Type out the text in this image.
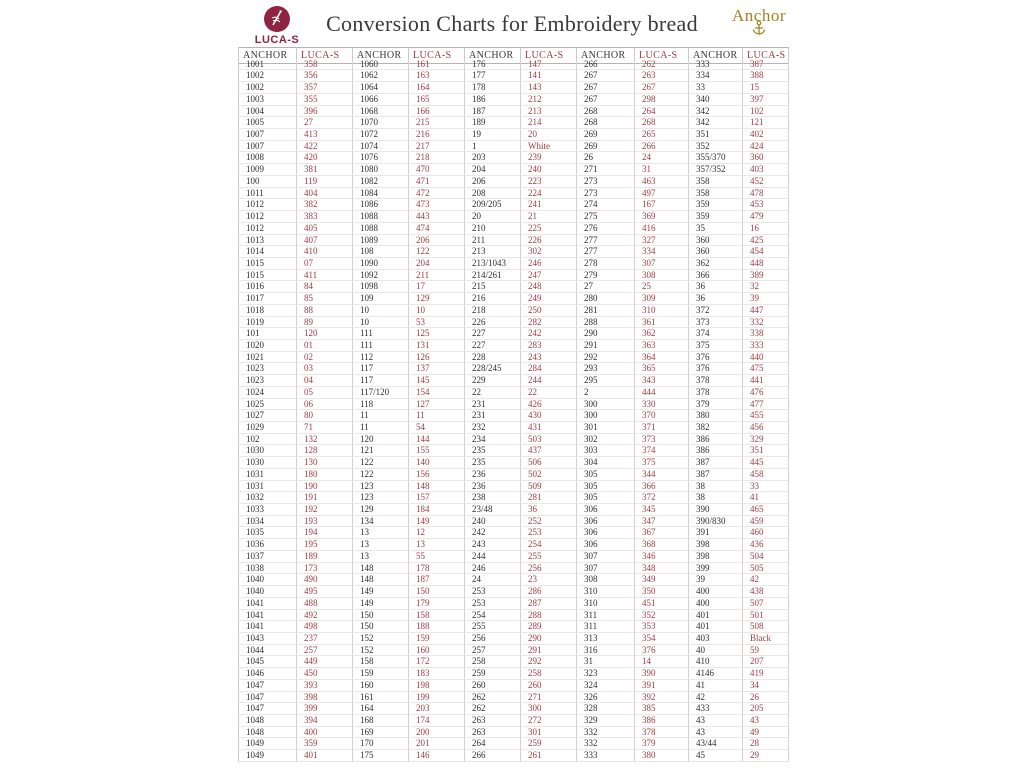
LUCA-S
Conversion Charts for Embroidery bread	Anchor
ANCHOR	LUCA-S	ANCHOR	LUCA-S	ANCHOR	LUCA-S	ANCHOR	LUCA-S	ANCHOR LUCA-S
1001	358	1060	161	176	147	266	262	333	387
1002	356	1062	163	177	141	267	263	334	388
1002	357	1064	164	178	143	267	267	33	15
1003	355	1066	165	186	212	267	298	340	397
1004	396	1068	166	187	213	268	264	342	102
1005	27	1070	215	189	214	268	268	342	121
1007	413	1072	216	19	20	269	265	351	402
1007	422	1074	217	1	White	269	266	352	424
1008	420	1076	218	203	239	26	24	355/370	360
1009	381	1080	470	204	240	271	31	357/352	403
100	119	1082	471	206	223	273	463	358	452
1011	404	1084	472	208	224	273	497	358	478
1012	382	1086	473	209/205	241	274	167	359	453
1012	383	1088	443	20	21	275	369	359	479
1012	405	1088	474	210	225	276	416	35	16
1013	407	1089	206	211	226	277	327	360	425
1014	410	108	122	213	302	277	334	360	454
1015	07	1090	204	213/1043	246	278	307	362	448
1015	411	1092	211	214/261	247	279	308	366	389
1016	84	1098	17	215	248	27	25	36	32
1017	85	109	129	216	249	280	309	36	39
1018	88	10	10	218	250	281	310	372	447
1019	89	10	53	226	282	288	361	373	332
101	120	111	125	227	242	290	362	374	338
1020	01	111	131	227	283	291	363	375	333
1021	02	112	126	228	243	292	364	376	440
1023	03	117	137	228/245	284	293	365	376	475
1023	04	117	145	229	244	295	343	378	441
1024	05	117/120	154	22	22	2	444	378	476
1025	06	118	127	231	426	300	330	379	477
1027	80	11	11	231	430	300	370	380	455
1029	71	11	54	232	431	301	371	382	456
102	132	120	144	234	503	302	373	386	329
1030	128	121	155	235	437	303	374	386	351
1030	130	122	140	235	506	304	375	387	445
1031	180	122	156	236	502	305	344	387	458
1031	190	123	148	236	509	305	366	38	33
1032	191	123	157	238	281	305	372	38	41
1033	192	129	184	23/48	36	306	345	390	465
1034	193	134	149	240	252	306	347	390/830	459
1035	194	13	12	242	253	306	367	391	460
1036	195	13	13	243	254	306	368	398	436
1037	189	13	55	244	255	307	346	398	504
1038	173	148	178	246	256	307	348	399	505
1040	490	148	187	24	23	308	349	39	42
1040	495	149	150	253	286	310	350	400	438
1041	488	149	179	253	287	310	451	400	507
1041	492	150	158	254	288	311	352	401	501
1041	498	150	188	255	289	311	353	401	508
1043	237	152	159	256	290	313	354	403	Black
1044	257	152	160	257	291	316	376	40	59
1045	449	158	172	258	292	31	14	410	207
1046	450	159	183	259	258	323	390	4146	419
1047	393	160	198	260	260	324	391	41	34
1047	398	161	199	262	271	326	392	42	26
1047	399	164	203	262	300	328	385	433	205
1048	394	168	174	263	272	329	386	43	43
1048	400	169	200	263	301	332	378	43	49
1049	359	170	201	264	259	332	379	43/44	28
1049	401	175	146	266	261	333	380	45	29
